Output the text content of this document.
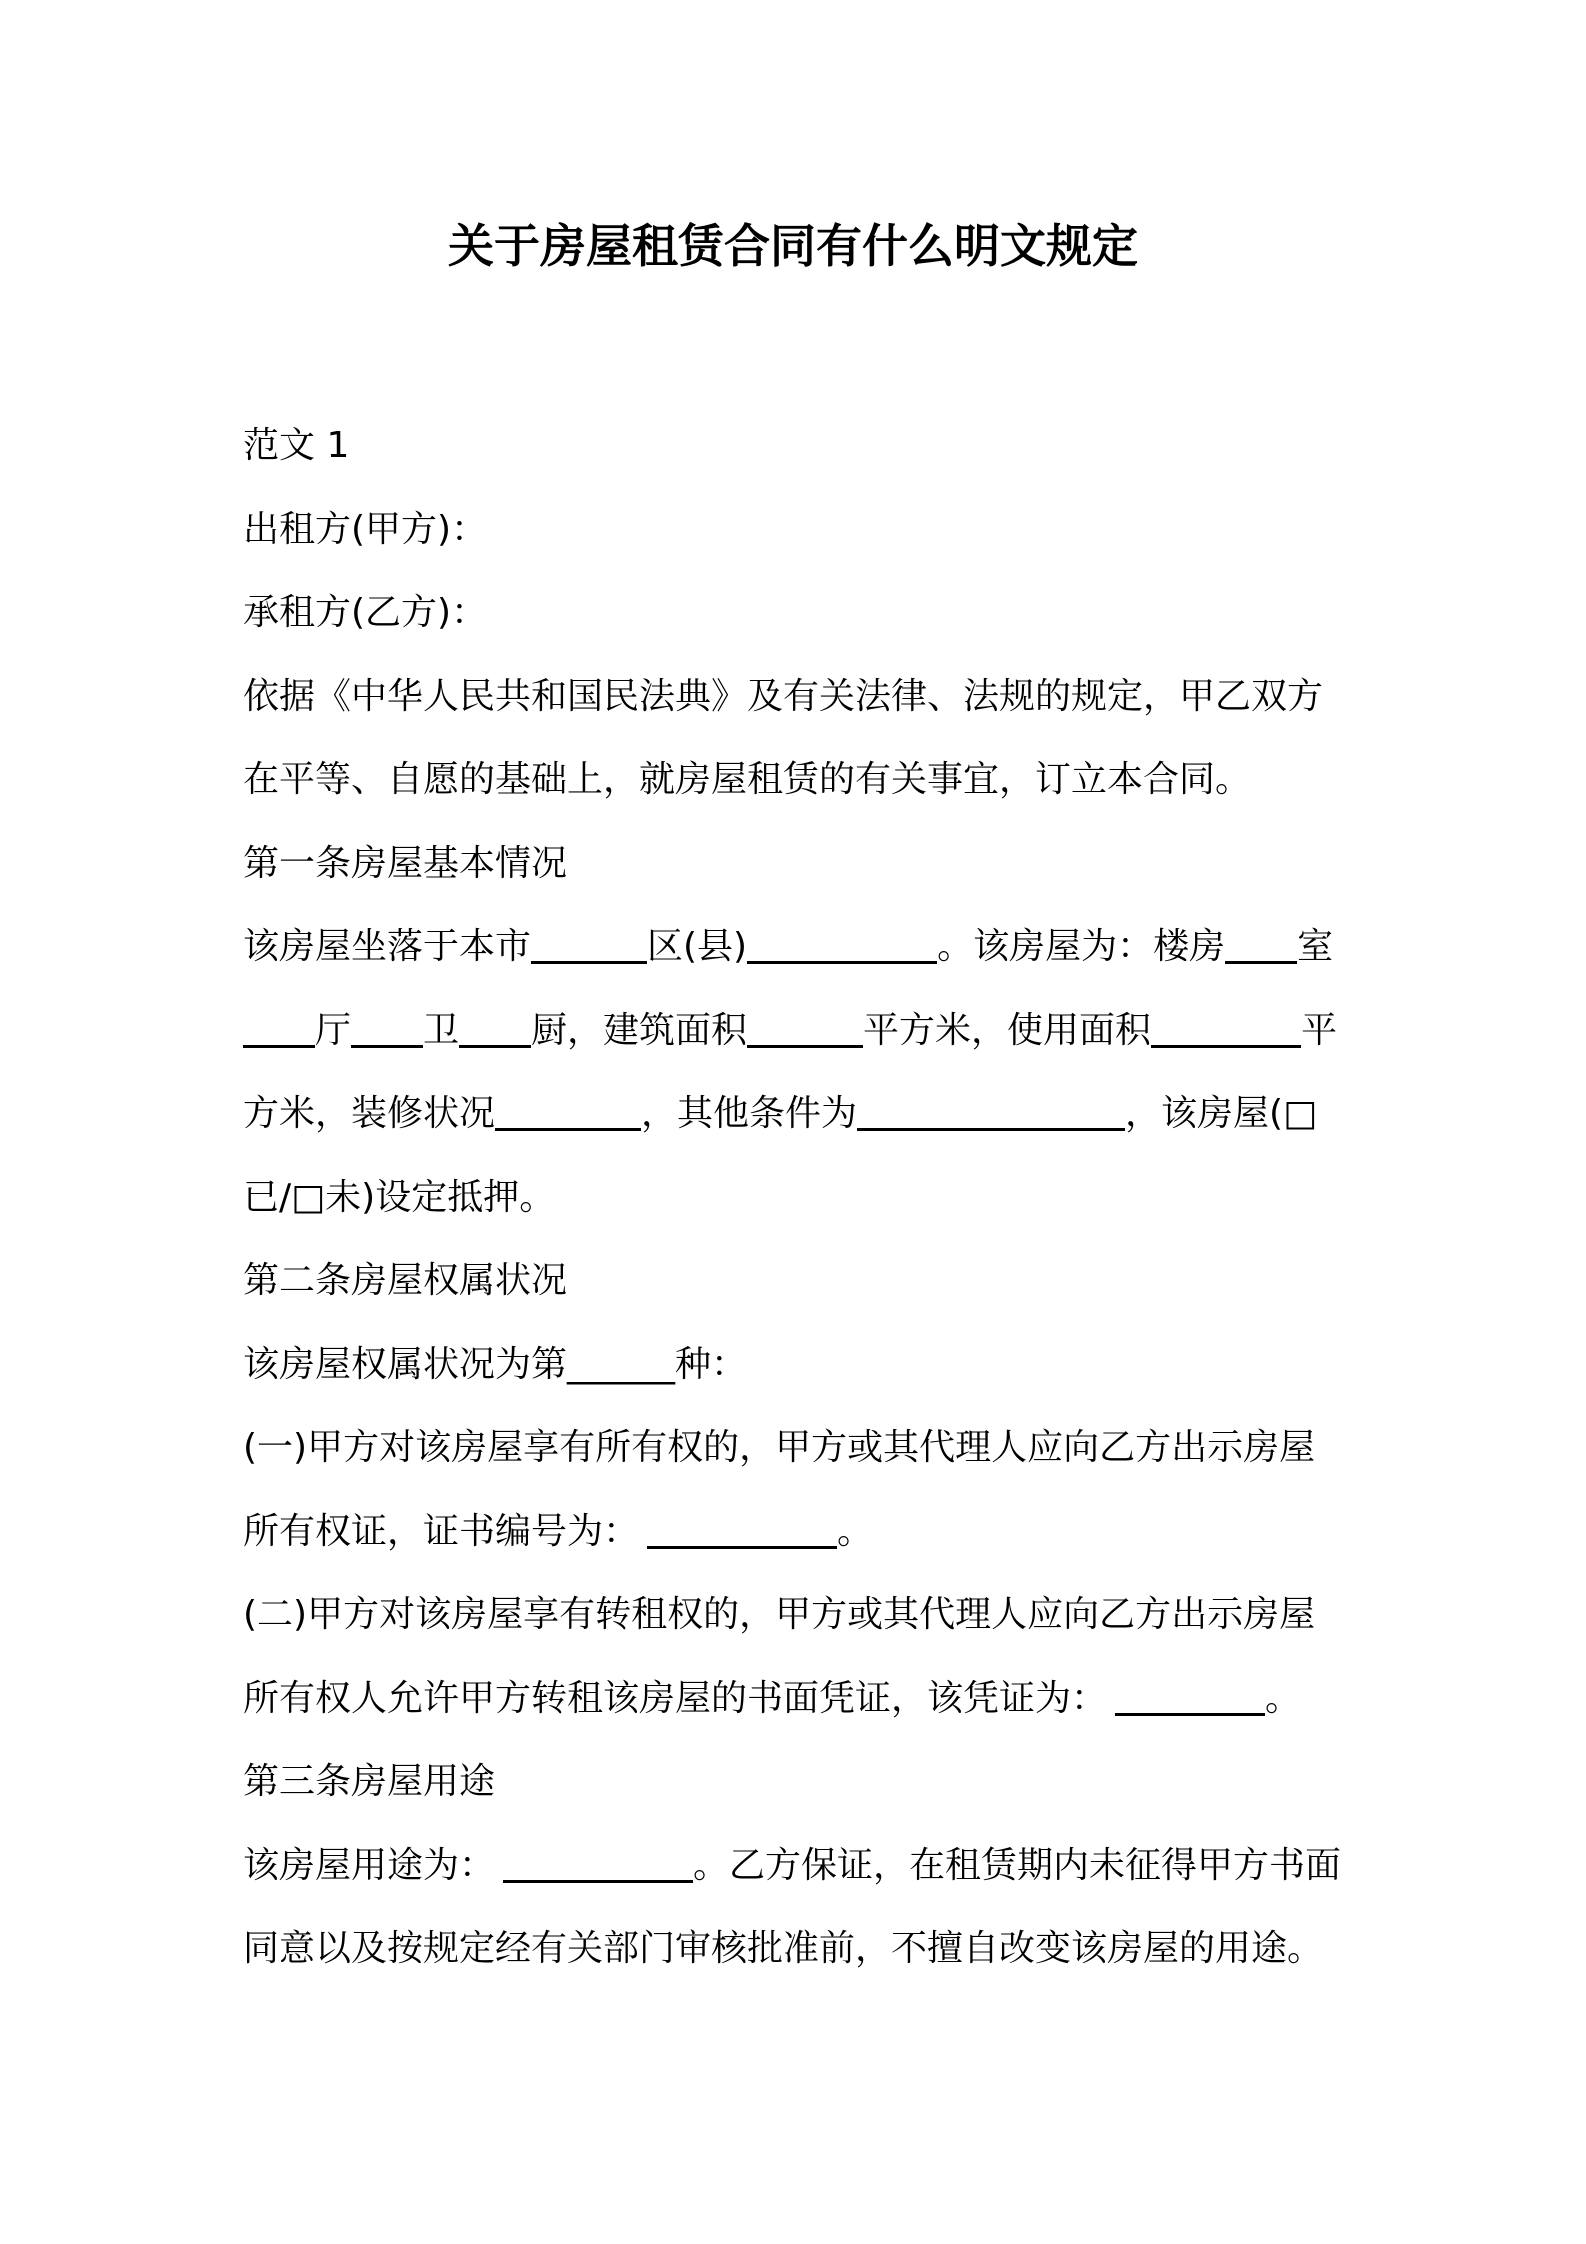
关于房屋租赁合同有什么明文规定
范文 1
出租方(甲方)：
承租方(乙方)：
依据《中华人民共和国民法典》及有关法律、法规的规定，甲乙双方
在平等、自愿的基础上，就房屋租赁的有关事宜，订立本合同。
第一条房屋基本情况
该房屋坐落于本市	区(县)	。该房屋为：楼房 室
厅 卫 厨，建筑面积	平方米，使用面积	平
方米，装修状况	，其他条件为	，该房屋(□
已/□未)设定抵押。
第二条房屋权属状况
该房屋权属状况为第______种：
(一)甲方对该房屋享有所有权的，甲方或其代理人应向乙方出示房屋
所有权证，证书编号为：	。
(二)甲方对该房屋享有转租权的，甲方或其代理人应向乙方出示房屋
所有权人允许甲方转租该房屋的书面凭证，该凭证为：	。
第三条房屋用途
该房屋用途为：	。乙方保证，在租赁期内未征得甲方书面
同意以及按规定经有关部门审核批准前，不擅自改变该房屋的用途。
